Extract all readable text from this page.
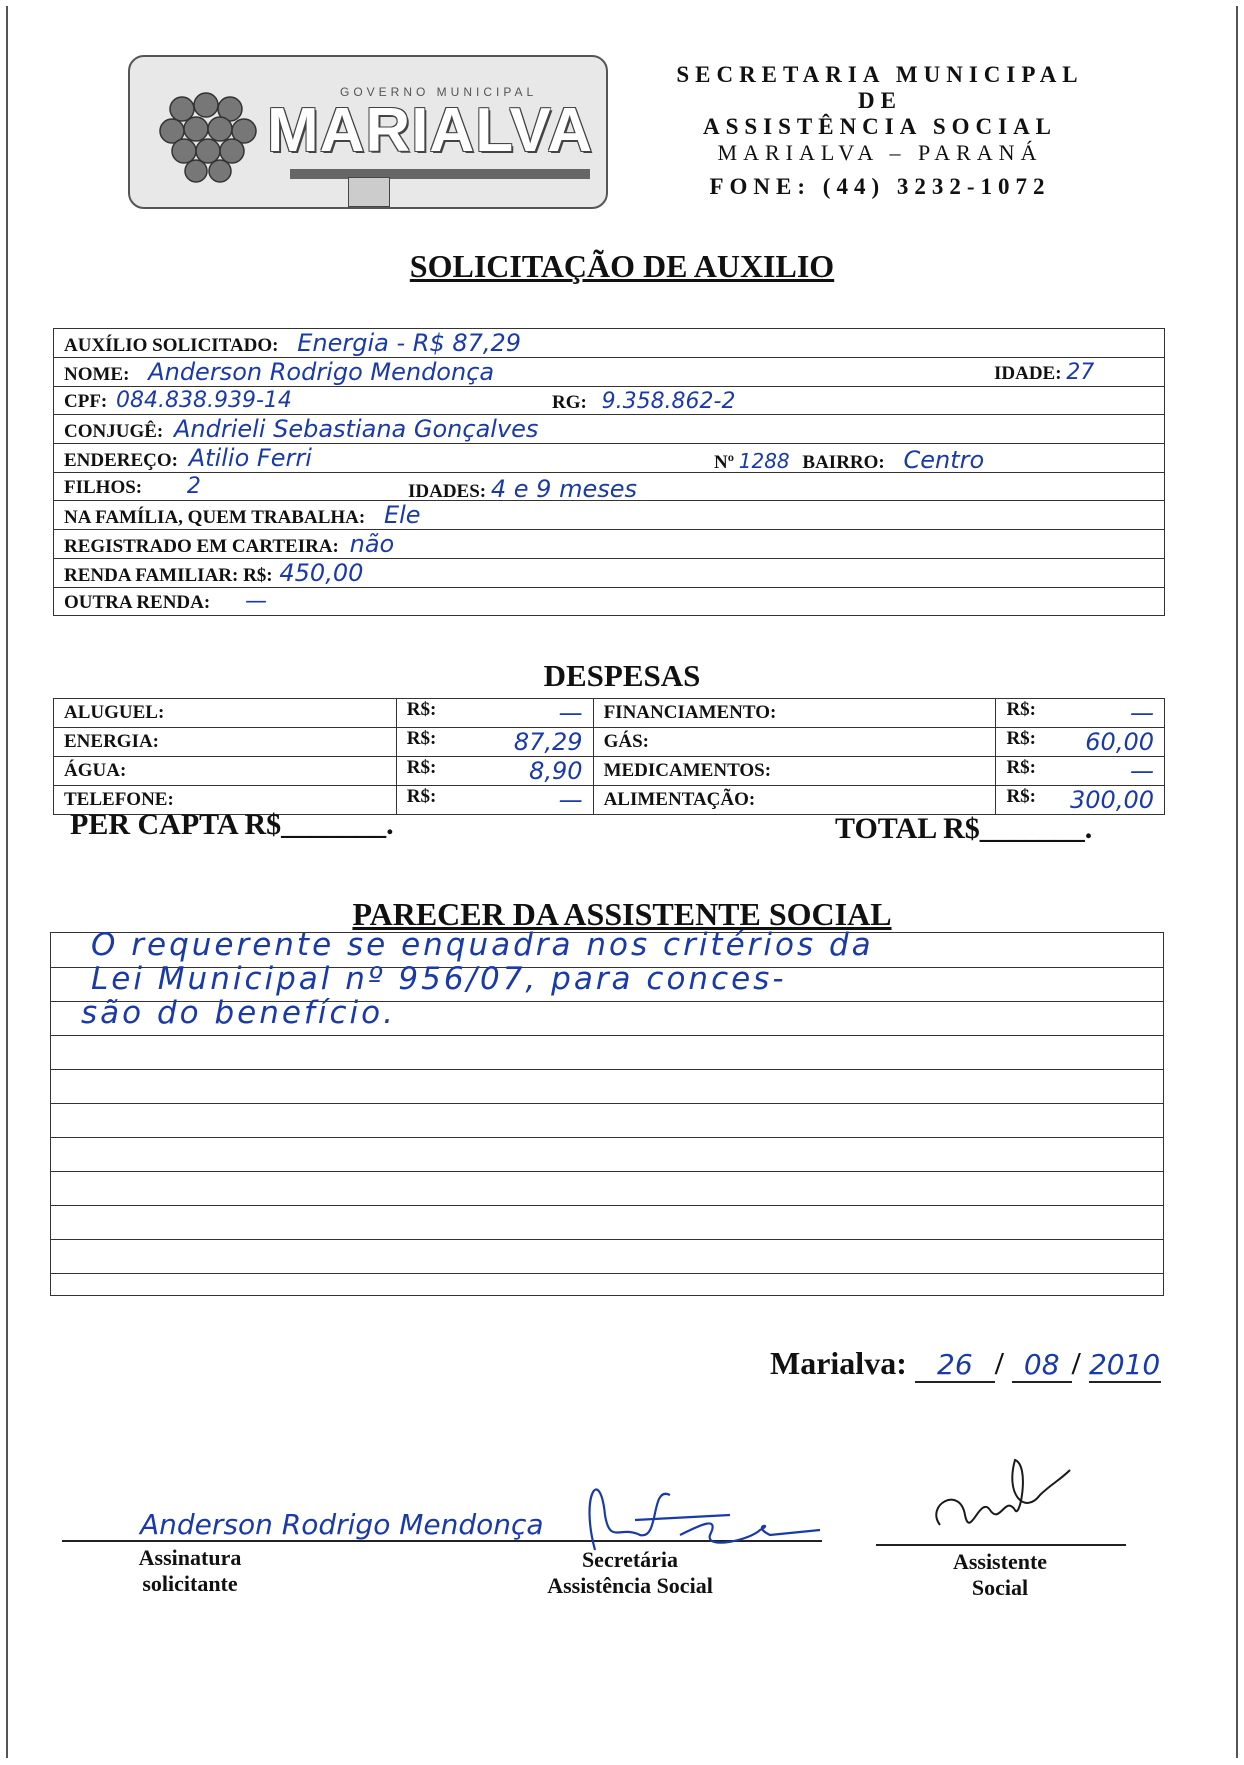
GOVERNO MUNICIPAL
MARIALVA
SECRETARIA MUNICIPAL
DE
ASSISTÊNCIA SOCIAL
MARIALVA – PARANÁ
FONE: (44) 3232-1072
SOLICITAÇÃO DE AUXILIO
AUXÍLIO SOLICITADO: Energia - R$ 87,29
NOME: Anderson Rodrigo Mendonça	IDADE: 27

CPF: 084.838.939-14	RG: 9.358.862-2

CONJUGÊ: Andrieli Sebastiana Gonçalves
ENDEREÇO: Atilio Ferri	Nº 1288 BAIRRO: Centro

FILHOS: 2	IDADES: 4 e 9 meses

NA FAMÍLIA, QUEM TRABALHA: Ele
REGISTRADO EM CARTEIRA: não
RENDA FAMILIAR: R$: 450,00
OUTRA RENDA: —
DESPESAS
ALUGUEL:	R$: —	FINANCIAMENTO:	R$: —

ENERGIA:	R$: 87,29	GÁS:	R$: 60,00

ÁGUA:	R$: 8,90	MEDICAMENTOS:	R$: —

TELEFONE:	R$: —	ALIMENTAÇÃO:	R$: 300,00
PER CAPTA R$_______.	TOTAL R$_______.
PARECER DA ASSISTENTE SOCIAL
O requerente se enquadra nos critérios da
Lei Municipal nº 956/07, para conces-
são do benefício.
Marialva: 26 / 08 / 2010
Anderson Rodrigo Mendonça
Assinatura
solicitante
Secretária
Assistência Social
Assistente
Social
